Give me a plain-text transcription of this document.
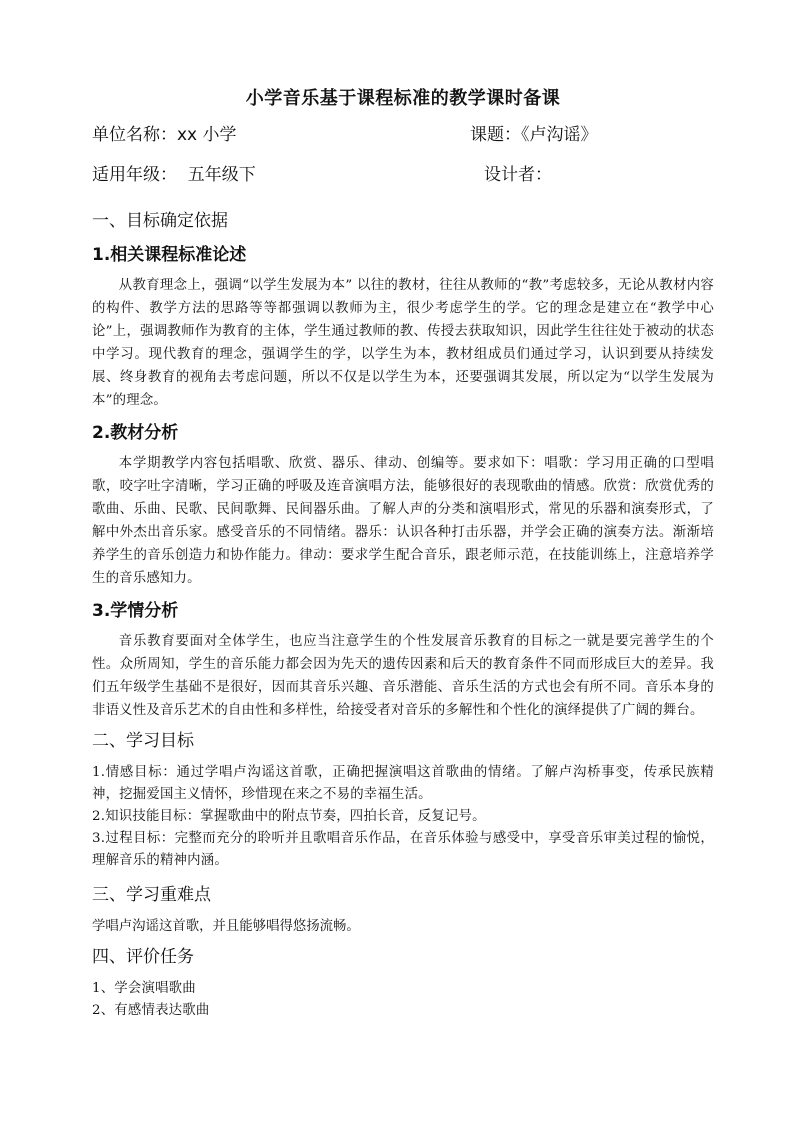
小学音乐基于课程标准的教学课时备课
单位名称：xx 小学	课题：《卢沟谣》
适用年级：  五年级下	设计者：
一、目标确定依据
1.相关课程标准论述

从教育理念上，强调“以学生发展为本” 以往的教材，往往从教师的“教”考虑较多，无论从教材内容的构件、教学方法的思路等等都强调以教师为主，很少考虑学生的学。它的理念是建立在“教学中心论”上，强调教师作为教育的主体，学生通过教师的教、传授去获取知识，因此学生往往处于被动的状态中学习。现代教育的理念，强调学生的学，以学生为本，教材组成员们通过学习，认识到要从持续发展、终身教育的视角去考虑问题，所以不仅是以学生为本，还要强调其发展，所以定为“以学生发展为本”的理念。

2.教材分析

本学期教学内容包括唱歌、欣赏、器乐、律动、创编等。要求如下：唱歌：学习用正确的口型唱歌，咬字吐字清晰，学习正确的呼吸及连音演唱方法，能够很好的表现歌曲的情感。欣赏：欣赏优秀的歌曲、乐曲、民歌、民间歌舞、民间器乐曲。了解人声的分类和演唱形式，常见的乐器和演奏形式，了解中外杰出音乐家。感受音乐的不同情绪。器乐：认识各种打击乐器，并学会正确的演奏方法。渐渐培养学生的音乐创造力和协作能力。律动：要求学生配合音乐，跟老师示范，在技能训练上，注意培养学生的音乐感知力。

3.学情分析

音乐教育要面对全体学生，也应当注意学生的个性发展音乐教育的目标之一就是要完善学生的个性。众所周知，学生的音乐能力都会因为先天的遗传因素和后天的教育条件不同而形成巨大的差异。我们五年级学生基础不是很好，因而其音乐兴趣、音乐潜能、音乐生活的方式也会有所不同。音乐本身的非语义性及音乐艺术的自由性和多样性，给接受者对音乐的多解性和个性化的演绎提供了广阔的舞台。

二、学习目标

1.情感目标：通过学唱卢沟谣这首歌，正确把握演唱这首歌曲的情绪。了解卢沟桥事变，传承民族精神，挖掘爱国主义情怀，珍惜现在来之不易的幸福生活。

2.知识技能目标：掌握歌曲中的附点节奏，四拍长音，反复记号。

3.过程目标：完整而充分的聆听并且歌唱音乐作品，在音乐体验与感受中，享受音乐审美过程的愉悦，理解音乐的精神内涵。

三、学习重难点

学唱卢沟谣这首歌，并且能够唱得悠扬流畅。

四、评价任务

1、学会演唱歌曲

2、有感情表达歌曲
